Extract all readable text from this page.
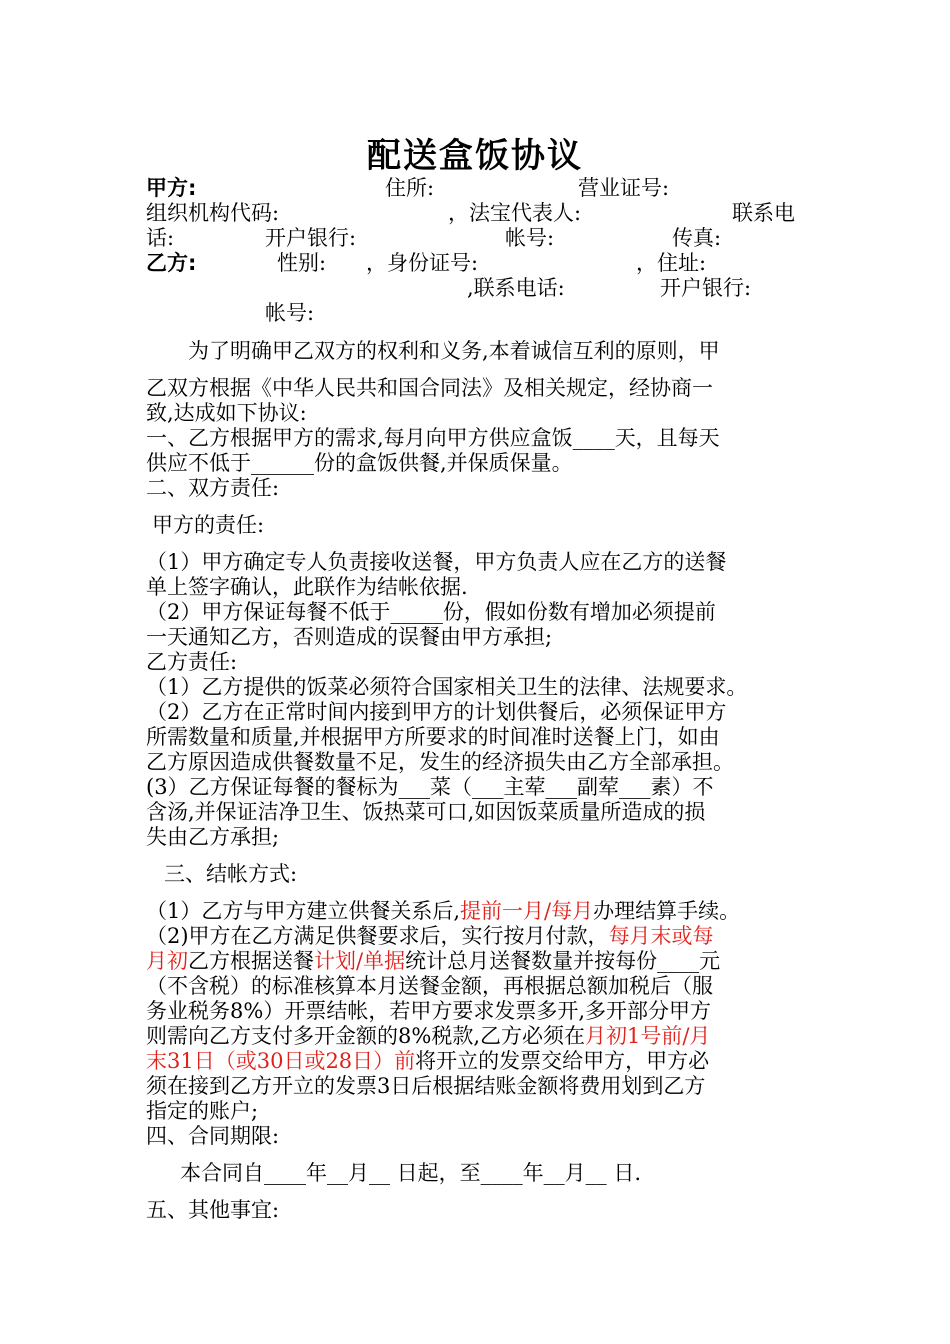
配送盒饭协议
甲方:	住所:	营业证号:
组织机构代码:	，法宝代表人:	联系电
话:	开户银行:	帐号:	传真:
乙方:	性别: ，身份证号:	，住址:
,联系电话:	开户银行:
帐号:
为了明确甲乙双方的权利和义务,本着诚信互利的原则，甲
乙双方根据《中华人民共和国合同法》及相关规定，经协商一
致,达成如下协议:
一、乙方根据甲方的需求,每月向甲方供应盒饭____天，且每天
供应不低于______份的盒饭供餐,并保质保量。
二、双方责任:
甲方的责任:
（1）甲方确定专人负责接收送餐，甲方负责人应在乙方的送餐
单上签字确认，此联作为结帐依据.
（2）甲方保证每餐不低于_____份，假如份数有增加必须提前
一天通知乙方，否则造成的误餐由甲方承担;
乙方责任:
（1）乙方提供的饭菜必须符合国家相关卫生的法律、法规要求。
（2）乙方在正常时间内接到甲方的计划供餐后，必须保证甲方
所需数量和质量,并根据甲方所要求的时间准时送餐上门，如由
乙方原因造成供餐数量不足，发生的经济损失由乙方全部承担。
(3）乙方保证每餐的餐标为___菜（___主荤___副荤___素）不
含汤,并保证洁净卫生、饭热菜可口,如因饭菜质量所造成的损
失由乙方承担;
三、结帐方式:
（1）乙方与甲方建立供餐关系后,提前一月/每月办理结算手续。
（2)甲方在乙方满足供餐要求后，实行按月付款，每月末或每
月初乙方根据送餐计划/单据统计总月送餐数量并按每份____元
（不含税）的标准核算本月送餐金额，再根据总额加税后（服
务业税务8%）开票结帐，若甲方要求发票多开,多开部分甲方
则需向乙方支付多开金额的8%税款,乙方必须在月初1号前/月
末31日（或30日或28日）前将开立的发票交给甲方，甲方必
须在接到乙方开立的发票3日后根据结账金额将费用划到乙方
指定的账户;
四、合同期限:
本合同自____年__月__ 日起，至____年__月__ 日.
五、其他事宜:
